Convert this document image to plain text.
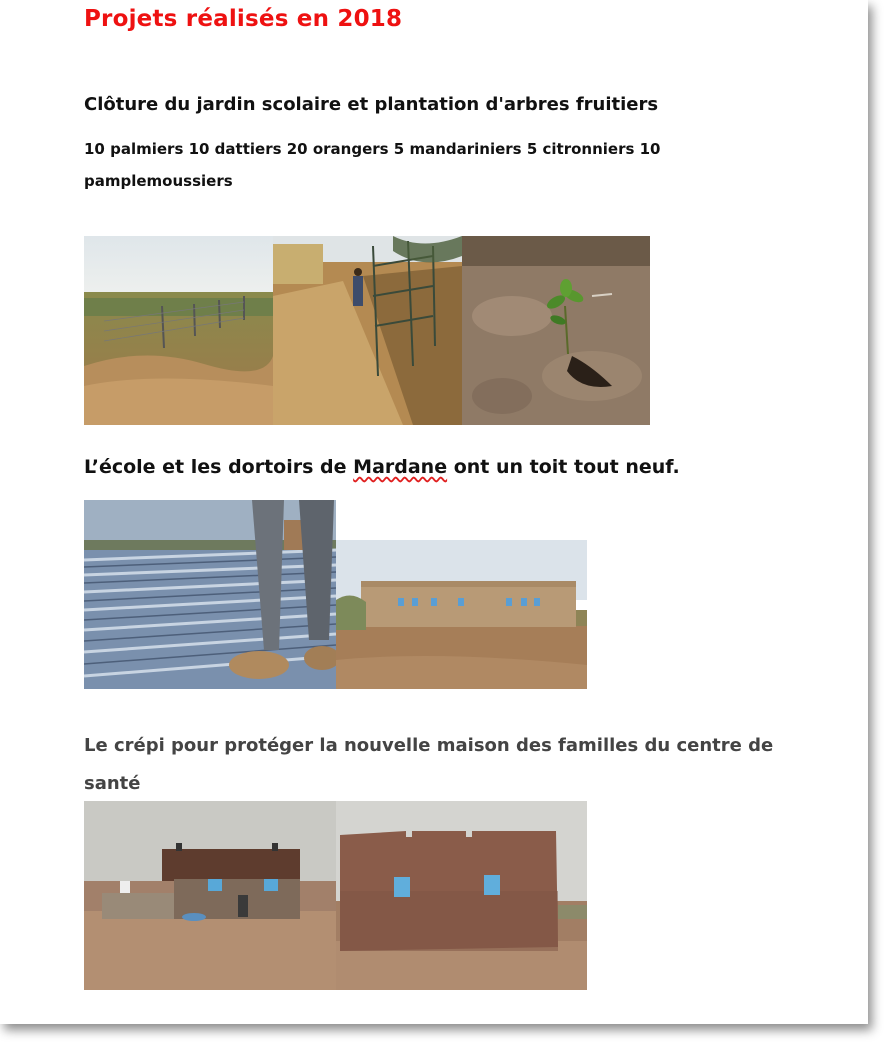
Projets réalisés en 2018
Clôture du jardin scolaire et plantation d'arbres fruitiers

10 palmiers 10 dattiers 20 orangers 5 mandariniers 5 citronniers 10 pamplemoussiers

L’école et les dortoirs de Mardane ont un toit tout neuf.

Le crépi pour protéger la nouvelle maison des familles du centre de santé
